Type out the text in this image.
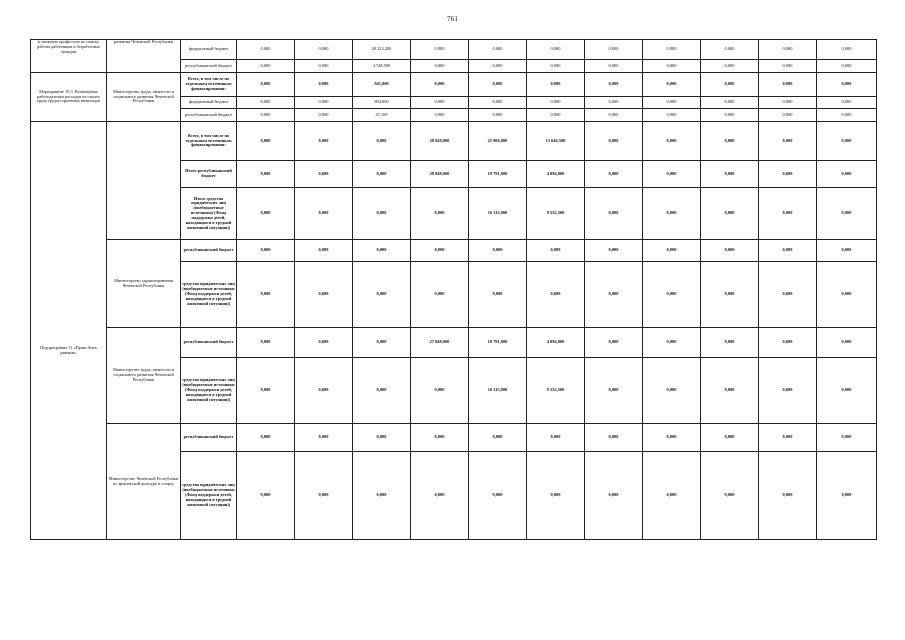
761
в смежную профессию по поиску работы работников и безработных граждан	развития Чеченской Республики	федеральный бюджет	0,000	0,000	20 223,200	0,000	0,000	0,000	0,000	0,000	0,000	0,000	0,000
		республиканский бюджет	0,000	0,000	4 748,500	0,000	0,000	0,000	0,000	0,000	0,000	0,000	0,000
Мероприятие 19.3. Возмещение работодателям расходов на оплату труда трудоустроенных инвалидов	Министерство труда, занятости и социального развития Чеченской Республики	Всего, в том числе по отдельным источникам финансирования:	0,000	0,000	941,900	0,000	0,000	0,000	0,000	0,000	0,000	0,000	0,000
		федеральный бюджет	0,000	0,000	894,800	0,000	0,000	0,000	0,000	0,000	0,000	0,000	0,000
		республиканский бюджет	0,000	0,000	47,100	0,000	0,000	0,000	0,000	0,000	0,000	0,000	0,000
Подпрограмма 11 «Право быть равным»		Всего, в том числе по отдельным источникам финансирования:	0,000	0,000	0,000	28 848,000	25 906,000	13 646,500	0,000	0,000	0,000	0,000	0,000
		Итого республиканский бюджет	0,000	0,000	0,000	28 848,000	19 791,000	4 094,000	0,000	0,000	0,000	0,000	0,000
		Итого средства юридических лиц (внебюджетные источники) (Фонд поддержки детей, находящихся в трудной жизненной ситуации))	0,000	0,000	0,000	0,000	16 115,000	9 552,500	0,000	0,000	0,000	0,000	0,000
	Министерство здравоохранения Чеченской Республики	республиканский бюджет	0,000	0,000	0,000	0,000	0,000	0,000	0,000	0,000	0,000	0,000	0,000
		средства юридических лиц (внебюджетные источники (Фонд поддержки детей, находящихся в трудной жизненной ситуации))	0,000	0,000	0,000	0,000	0,000	0,000	0,000	0,000	0,000	0,000	0,000
	Министерство труда, занятости и социального развития Чеченской Республики	республиканский бюджет	0,000	0,000	0,000	27 848,000	18 791,000	4 094,000	0,000	0,000	0,000	0,000	0,000
		средства юридических лиц (внебюджетные источники (Фонд поддержки детей, находящихся в трудной жизненной ситуации))	0,000	0,000	0,000	0,000	16 115,000	9 552,500	0,000	0,000	0,000	0,000	0,000
	Министерство Чеченской Республики по физической культуре и спорту	республиканский бюджет	0,000	0,000	0,000	0,000	0,000	0,000	0,000	0,000	0,000	0,000	0,000
		средства юридических лиц (внебюджетные источники (Фонд поддержки детей, находящихся в трудной жизненной ситуации))	0,000	0,000	0,000	0,000	0,000	0,000	0,000	0,000	0,000	0,000	0,000
